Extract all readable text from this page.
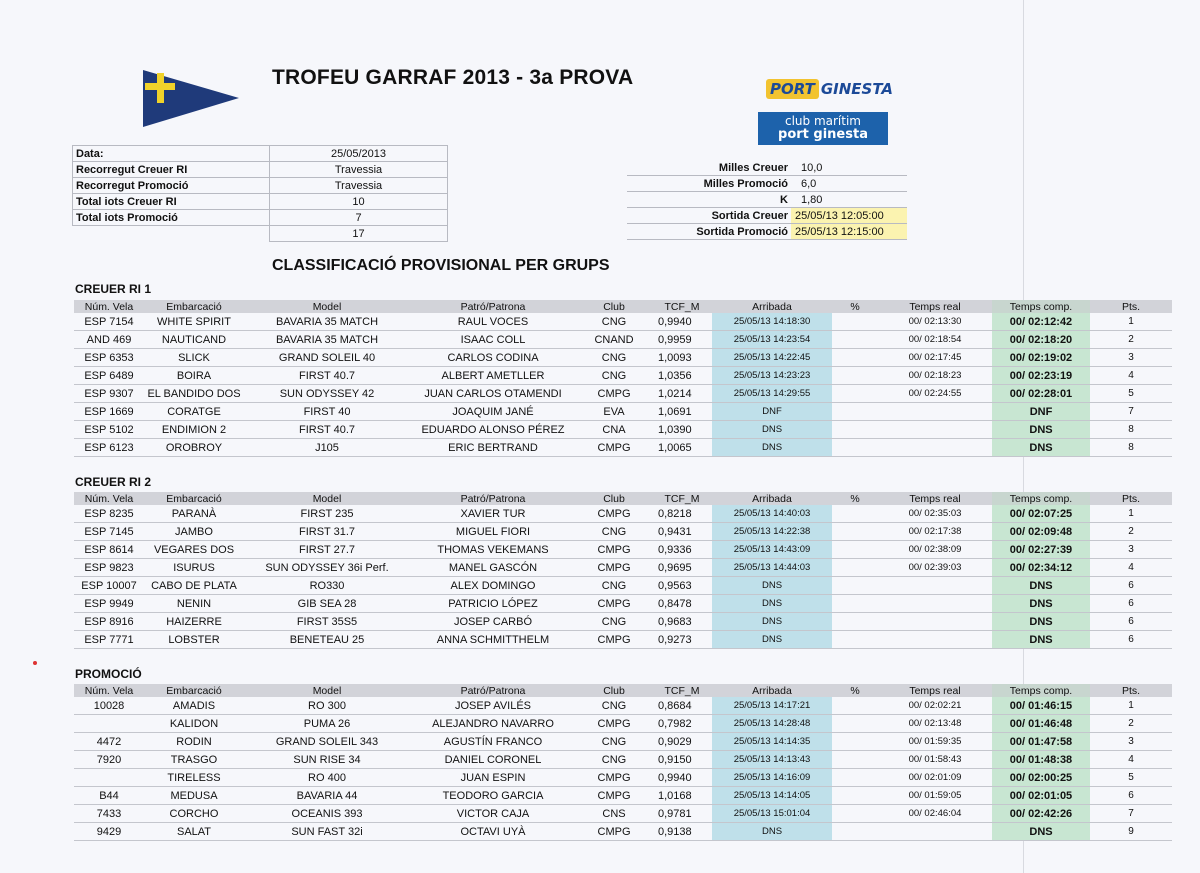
TROFEU GARRAF 2013 - 3a PROVA	PORT GINESTA
club marítim
port ginesta
Data:	25/05/2013
Recorregut Creuer RI	Travessia
Recorregut Promoció	Travessia
Total iots Creuer RI	10
Total iots Promoció	7
	17
Milles Creuer	10,0
Milles Promoció	6,0
K	1,80
Sortida Creuer	25/05/13 12:05:00
Sortida Promoció	25/05/13 12:15:00
CLASSIFICACIÓ PROVISIONAL PER GRUPS
CREUER RI 1
Núm. Vela	Embarcació	Model	Patró/Patrona	Club	TCF_M	Arribada	%	Temps real	Temps comp.	Pts.
ESP 7154	WHITE SPIRIT	BAVARIA 35 MATCH	RAUL VOCES	CNG	0,9940	25/05/13 14:18:30		00/ 02:13:30	00/ 02:12:42	1
AND 469	NAUTICAND	BAVARIA 35 MATCH	ISAAC COLL	CNAND	0,9959	25/05/13 14:23:54		00/ 02:18:54	00/ 02:18:20	2
ESP 6353	SLICK	GRAND SOLEIL 40	CARLOS CODINA	CNG	1,0093	25/05/13 14:22:45		00/ 02:17:45	00/ 02:19:02	3
ESP 6489	BOIRA	FIRST 40.7	ALBERT AMETLLER	CNG	1,0356	25/05/13 14:23:23		00/ 02:18:23	00/ 02:23:19	4
ESP 9307	EL BANDIDO DOS	SUN ODYSSEY 42	JUAN CARLOS OTAMENDI	CMPG	1,0214	25/05/13 14:29:55		00/ 02:24:55	00/ 02:28:01	5
ESP 1669	CORATGE	FIRST 40	JOAQUIM JANÉ	EVA	1,0691	DNF			DNF	7
ESP 5102	ENDIMION 2	FIRST 40.7	EDUARDO ALONSO PÉREZ	CNA	1,0390	DNS			DNS	8
ESP 6123	OROBROY	J105	ERIC BERTRAND	CMPG	1,0065	DNS			DNS	8
CREUER RI 2
Núm. Vela	Embarcació	Model	Patró/Patrona	Club	TCF_M	Arribada	%	Temps real	Temps comp.	Pts.
ESP 8235	PARANÀ	FIRST 235	XAVIER TUR	CMPG	0,8218	25/05/13 14:40:03		00/ 02:35:03	00/ 02:07:25	1
ESP 7145	JAMBO	FIRST 31.7	MIGUEL FIORI	CNG	0,9431	25/05/13 14:22:38		00/ 02:17:38	00/ 02:09:48	2
ESP 8614	VEGARES DOS	FIRST 27.7	THOMAS VEKEMANS	CMPG	0,9336	25/05/13 14:43:09		00/ 02:38:09	00/ 02:27:39	3
ESP 9823	ISURUS	SUN ODYSSEY 36i Perf.	MANEL GASCÓN	CMPG	0,9695	25/05/13 14:44:03		00/ 02:39:03	00/ 02:34:12	4
ESP 10007	CABO DE PLATA	RO330	ALEX DOMINGO	CNG	0,9563	DNS			DNS	6
ESP 9949	NENIN	GIB SEA 28	PATRICIO LÓPEZ	CMPG	0,8478	DNS			DNS	6
ESP 8916	HAIZERRE	FIRST 35S5	JOSEP CARBÓ	CNG	0,9683	DNS			DNS	6
ESP 7771	LOBSTER	BENETEAU 25	ANNA SCHMITTHELM	CMPG	0,9273	DNS			DNS	6
PROMOCIÓ
Núm. Vela	Embarcació	Model	Patró/Patrona	Club	TCF_M	Arribada	%	Temps real	Temps comp.	Pts.
10028	AMADIS	RO 300	JOSEP AVILÉS	CNG	0,8684	25/05/13 14:17:21		00/ 02:02:21	00/ 01:46:15	1
	KALIDON	PUMA 26	ALEJANDRO NAVARRO	CMPG	0,7982	25/05/13 14:28:48		00/ 02:13:48	00/ 01:46:48	2
4472	RODIN	GRAND SOLEIL 343	AGUSTÍN FRANCO	CNG	0,9029	25/05/13 14:14:35		00/ 01:59:35	00/ 01:47:58	3
7920	TRASGO	SUN RISE 34	DANIEL CORONEL	CNG	0,9150	25/05/13 14:13:43		00/ 01:58:43	00/ 01:48:38	4
	TIRELESS	RO 400	JUAN ESPIN	CMPG	0,9940	25/05/13 14:16:09		00/ 02:01:09	00/ 02:00:25	5
B44	MEDUSA	BAVARIA 44	TEODORO GARCIA	CMPG	1,0168	25/05/13 14:14:05		00/ 01:59:05	00/ 02:01:05	6
7433	CORCHO	OCEANIS 393	VICTOR CAJA	CNS	0,9781	25/05/13 15:01:04		00/ 02:46:04	00/ 02:42:26	7
9429	SALAT	SUN FAST 32i	OCTAVI UYÀ	CMPG	0,9138	DNS			DNS	9
